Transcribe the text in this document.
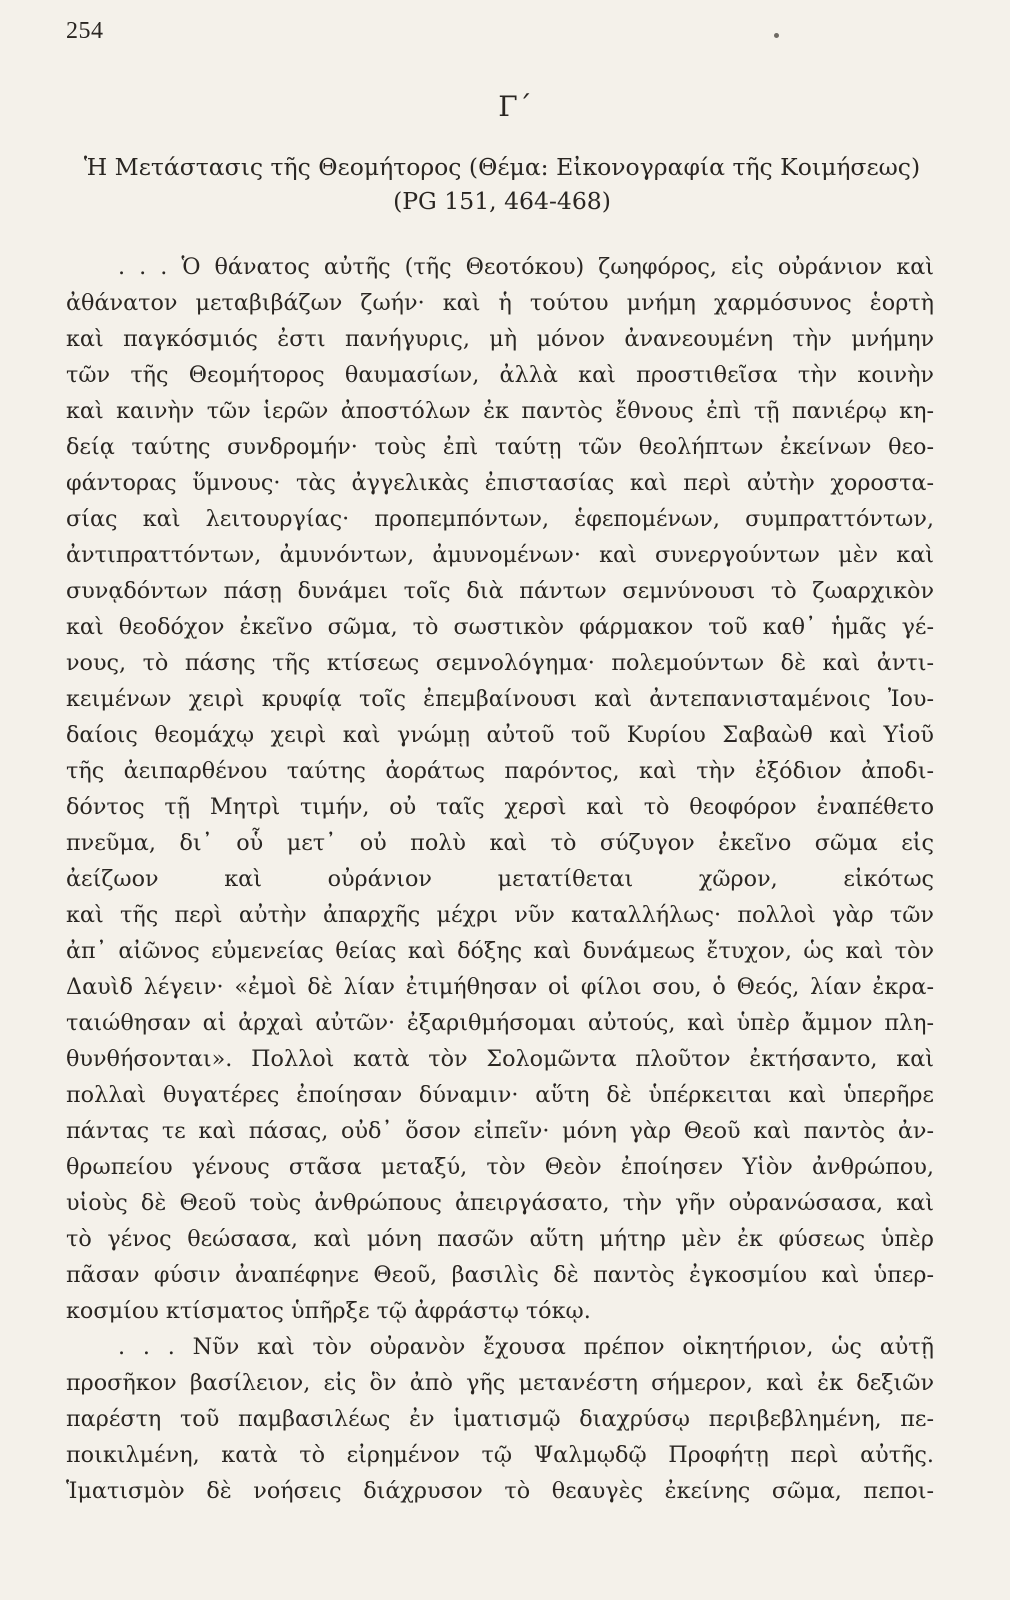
254
Γ΄
Ἡ Μετάστασις τῆς Θεομήτορος (Θέμα: Εἰκονογραφία τῆς Κοιμήσεως)
(PG 151, 464-468)
. . . Ὁ θάνατος αὐτῆς (τῆς Θεοτόκου) ζωηφόρος, εἰς οὐράνιον καὶ
ἀθάνατον μεταβιβάζων ζωήν· καὶ ἡ τούτου μνήμη χαρμόσυνος ἑορτὴ
καὶ παγκόσμιός ἐστι πανήγυρις, μὴ μόνον ἀνανεουμένη τὴν μνήμην
τῶν τῆς Θεομήτορος θαυμασίων, ἀλλὰ καὶ προστιθεῖσα τὴν κοινὴν
καὶ καινὴν τῶν ἱερῶν ἀποστόλων ἐκ παντὸς ἔθνους ἐπὶ τῇ πανιέρῳ κη-
δείᾳ ταύτης συνδρομήν· τοὺς ἐπὶ ταύτῃ τῶν θεολήπτων ἐκείνων θεο-
φάντορας ὕμνους· τὰς ἀγγελικὰς ἐπιστασίας καὶ περὶ αὐτὴν χοροστα-
σίας καὶ λειτουργίας· προπεμπόντων, ἑφεπομένων, συμπραττόντων,
ἀντιπραττόντων, ἀμυνόντων, ἀμυνομένων· καὶ συνεργούντων μὲν καὶ
συνᾳδόντων πάσῃ δυνάμει τοῖς διὰ πάντων σεμνύνουσι τὸ ζωαρχικὸν
καὶ θεοδόχον ἐκεῖνο σῶμα, τὸ σωστικὸν φάρμακον τοῦ καθ᾽ ἡμᾶς γέ-
νους, τὸ πάσης τῆς κτίσεως σεμνολόγημα· πολεμούντων δὲ καὶ ἀντι-
κειμένων χειρὶ κρυφίᾳ τοῖς ἐπεμβαίνουσι καὶ ἀντεπανισταμένοις Ἰου-
δαίοις θεομάχῳ χειρὶ καὶ γνώμῃ αὐτοῦ τοῦ Κυρίου Σαβαὼθ καὶ Υἱοῦ
τῆς ἀειπαρθένου ταύτης ἀοράτως παρόντος, καὶ τὴν ἐξόδιον ἀποδι-
δόντος τῇ Μητρὶ τιμήν, οὐ ταῖς χερσὶ καὶ τὸ θεοφόρον ἐναπέθετο
πνεῦμα, δι᾽ οὗ μετ᾽ οὐ πολὺ καὶ τὸ σύζυγον ἐκεῖνο σῶμα εἰς
ἀείζωον καὶ οὐράνιον μετατίθεται χῶρον, εἰκότως
καὶ τῆς περὶ αὐτὴν ἀπαρχῆς μέχρι νῦν καταλλήλως· πολλοὶ γὰρ τῶν
ἀπ᾽ αἰῶνος εὐμενείας θείας καὶ δόξης καὶ δυνάμεως ἔτυχον, ὡς καὶ τὸν
Δαυὶδ λέγειν· «ἐμοὶ δὲ λίαν ἐτιμήθησαν οἱ φίλοι σου, ὁ Θεός, λίαν ἐκρα-
ταιώθησαν αἱ ἀρχαὶ αὐτῶν· ἐξαριθμήσομαι αὐτούς, καὶ ὑπὲρ ἄμμον πλη-
θυνθήσονται». Πολλοὶ κατὰ τὸν Σολομῶντα πλοῦτον ἐκτήσαντο, καὶ
πολλαὶ θυγατέρες ἐποίησαν δύναμιν· αὕτη δὲ ὑπέρκειται καὶ ὑπερῆρε
πάντας τε καὶ πάσας, οὐδ᾽ ὅσον εἰπεῖν· μόνη γὰρ Θεοῦ καὶ παντὸς ἀν-
θρωπείου γένους στᾶσα μεταξύ, τὸν Θεὸν ἐποίησεν Υἱὸν ἀνθρώπου,
υἱοὺς δὲ Θεοῦ τοὺς ἀνθρώπους ἀπειργάσατο, τὴν γῆν οὐρανώσασα, καὶ
τὸ γένος θεώσασα, καὶ μόνη πασῶν αὕτη μήτηρ μὲν ἐκ φύσεως ὑπὲρ
πᾶσαν φύσιν ἀναπέφηνε Θεοῦ, βασιλὶς δὲ παντὸς ἐγκοσμίου καὶ ὑπερ-
κοσμίου κτίσματος ὑπῆρξε τῷ ἀφράστῳ τόκῳ.
. . . Νῦν καὶ τὸν οὐρανὸν ἔχουσα πρέπον οἰκητήριον, ὡς αὐτῇ
προσῆκον βασίλειον, εἰς ὃν ἀπὸ γῆς μετανέστη σήμερον, καὶ ἐκ δεξιῶν
παρέστη τοῦ παμβασιλέως ἐν ἱματισμῷ διαχρύσῳ περιβεβλημένη, πε-
ποικιλμένη, κατὰ τὸ εἰρημένον τῷ Ψαλμῳδῷ Προφήτῃ περὶ αὐτῆς.
Ἱματισμὸν δὲ νοήσεις διάχρυσον τὸ θεαυγὲς ἐκείνης σῶμα, πεποι-
